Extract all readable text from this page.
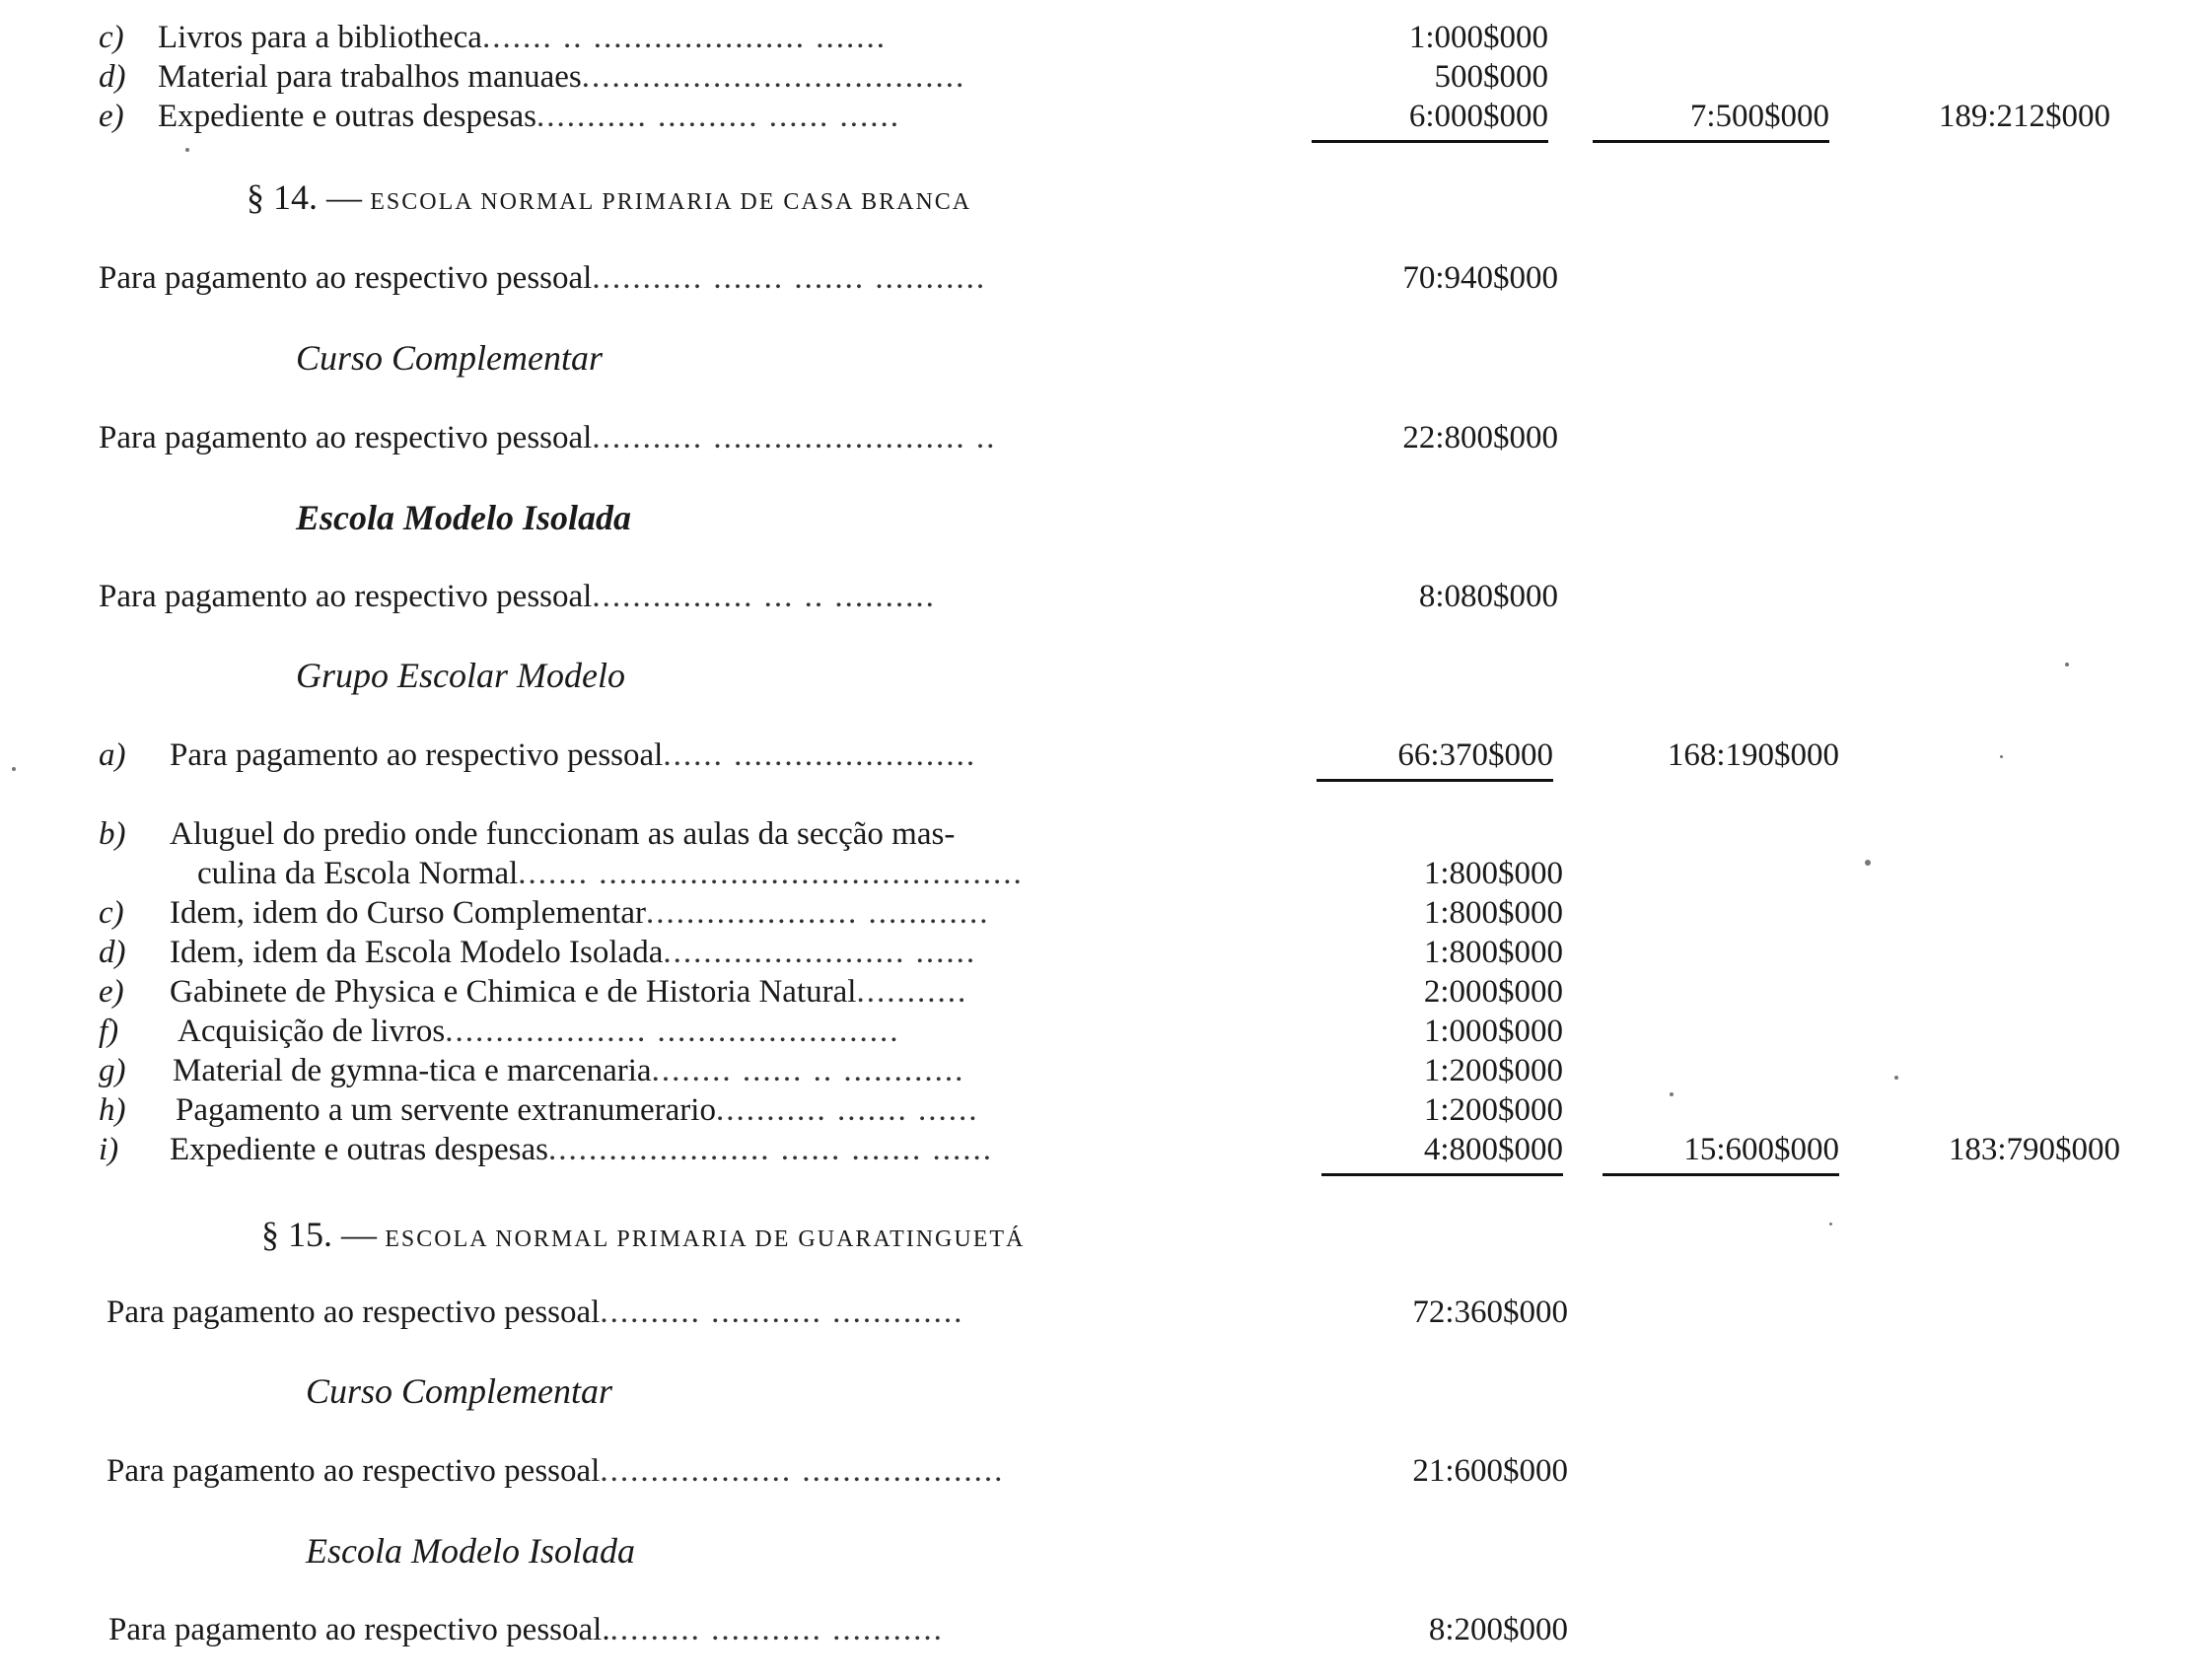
c)	Livros para a bibliotheca....... .. ..................... .......	1:000$000
d) Material para trabalhos manuaes......................................	500$000
e)	Expediente e outras despesas........... .......... ...... ......	6:000$000	7:500$000	189:212$000
§ 14. — ESCOLA NORMAL PRIMARIA DE CASA BRANCA
Para pagamento ao respectivo pessoal........... ....... ....... ...........	70:940$000
Curso Complementar
Para pagamento ao respectivo pessoal........... ......................... ..	22:800$000
Escola Modelo Isolada
Para pagamento ao respectivo pessoal................ ... .. ..........	8:080$000
Grupo Escolar Modelo
a)	Para pagamento ao respectivo pessoal...... ........................	66:370$000	168:190$000
b)	Aluguel do predio onde funccionam as aulas da secção mas-
culina da Escola Normal....... ..........................................	1:800$000
c)	Idem, idem do Curso Complementar..................... ............	1:800$000
d)	Idem, idem da Escola Modelo Isolada........................ ......	1:800$000
e)	Gabinete de Physica e Chimica e de Historia Natural...........	2:000$000
f)	Acquisição de livros.................... ........................	1:000$000
g)	Material de gymna-tica e marcenaria........ ...... .. ............	1:200$000
h)	Pagamento a um servente extranumerario........... ....... ......	1:200$000
i)	Expediente e outras despesas...................... ...... ....... ......	4:800$000	15:600$000	183:790$000
§ 15. — ESCOLA NORMAL PRIMARIA DE GUARATINGUETÁ
Para pagamento ao respectivo pessoal.......... ........... .............	72:360$000
Curso Complementar
Para pagamento ao respectivo pessoal................... ....................	21:600$000
Escola Modelo Isolada
Para pagamento ao respectivo pessoal.......... ........... ...........	8:200$000
